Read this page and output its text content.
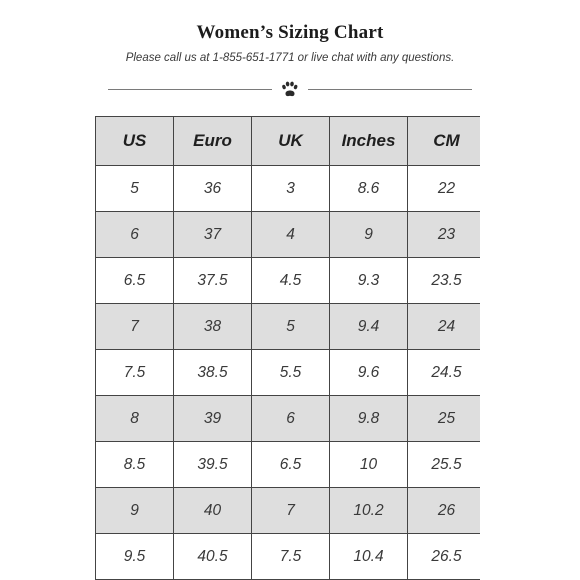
Women’s Sizing Chart
Please call us at 1-855-651-1771 or live chat with any questions.
US	Euro	UK	Inches	CM
5	36	3	8.6	22
6	37	4	9	23
6.5	37.5	4.5	9.3	23.5
7	38	5	9.4	24
7.5	38.5	5.5	9.6	24.5
8	39	6	9.8	25
8.5	39.5	6.5	10	25.5
9	40	7	10.2	26
9.5	40.5	7.5	10.4	26.5
